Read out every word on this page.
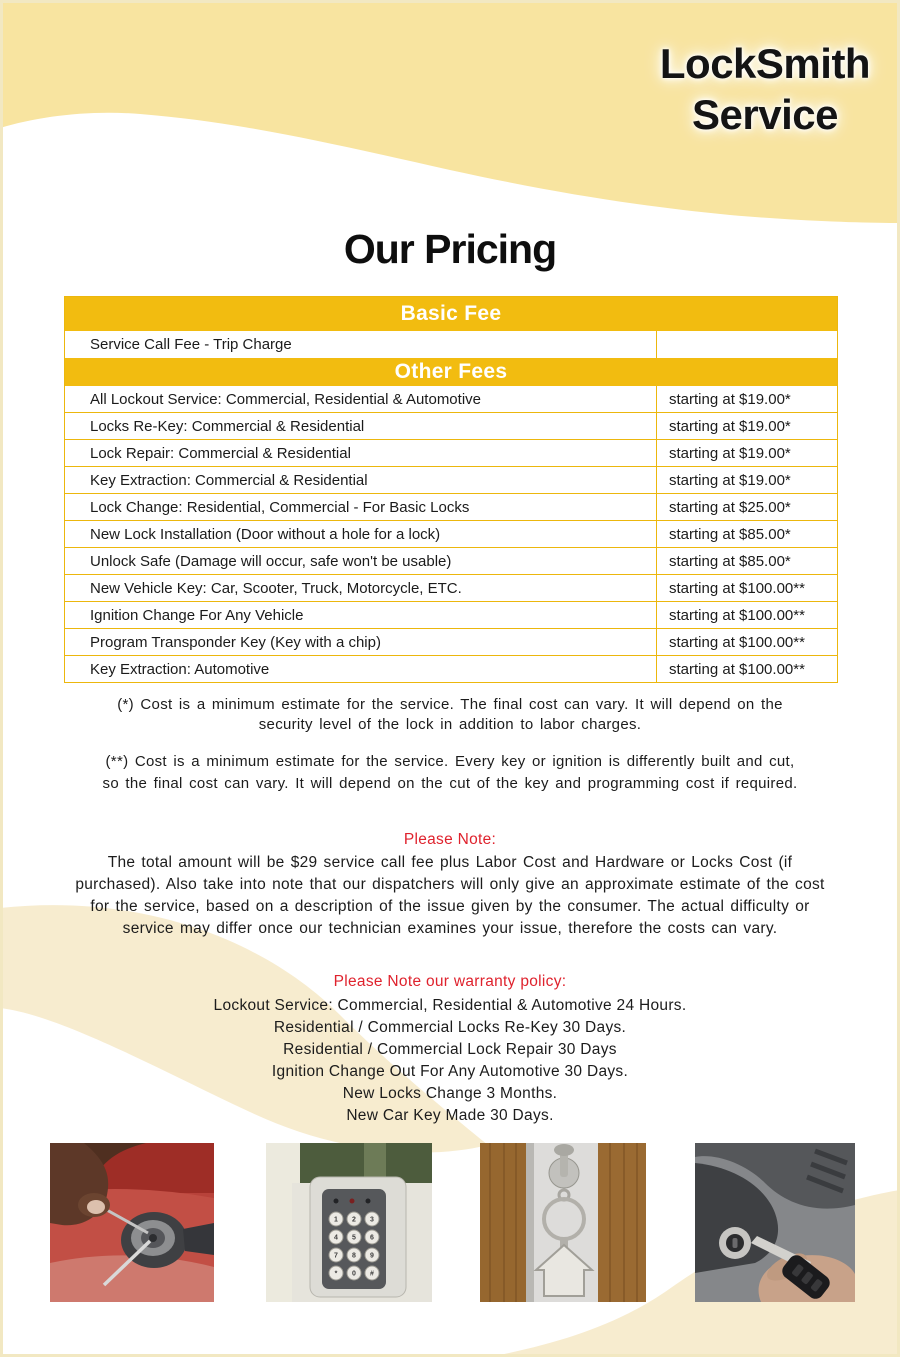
LockSmith
Service
Our Pricing
Basic Fee
Service Call Fee - Trip Charge
Other Fees
All Lockout Service: Commercial, Residential & Automotive	starting at $19.00*
Locks Re-Key: Commercial & Residential	starting at $19.00*
Lock Repair: Commercial & Residential	starting at $19.00*
Key Extraction: Commercial & Residential	starting at $19.00*
Lock Change: Residential, Commercial - For Basic Locks	starting at $25.00*
New Lock Installation (Door without a hole for a lock)	starting at $85.00*
Unlock Safe (Damage will occur, safe won't be usable)	starting at $85.00*
New Vehicle Key: Car, Scooter, Truck, Motorcycle, ETC.	starting at $100.00**
Ignition Change For Any Vehicle	starting at $100.00**
Program Transponder Key (Key with a chip)	starting at $100.00**
Key Extraction: Automotive	starting at $100.00**
(*) Cost is a minimum estimate for the service. The final cost can vary. It will depend on the security level of the lock in addition to labor charges.
(**) Cost is a minimum estimate for the service. Every key or ignition is differently built and cut, so the final cost can vary. It will depend on the cut of the key and programming cost if required.
Please Note:
The total amount will be $29 service call fee plus Labor Cost and Hardware or Locks Cost (if purchased). Also take into note that our dispatchers will only give an approximate estimate of the cost for the service, based on a description of the issue given by the consumer. The actual difficulty or service may differ once our technician examines your issue, therefore the costs can vary.
Please Note our warranty policy:
Lockout Service: Commercial, Residential & Automotive 24 Hours.
Residential / Commercial Locks Re-Key 30 Days.
Residential / Commercial Lock Repair 30 Days
Ignition Change Out For Any Automotive 30 Days.
New Locks Change 3 Months.
New Car Key Made 30 Days.
1 2 3
4 5 6
7 8 9
* 0 #
